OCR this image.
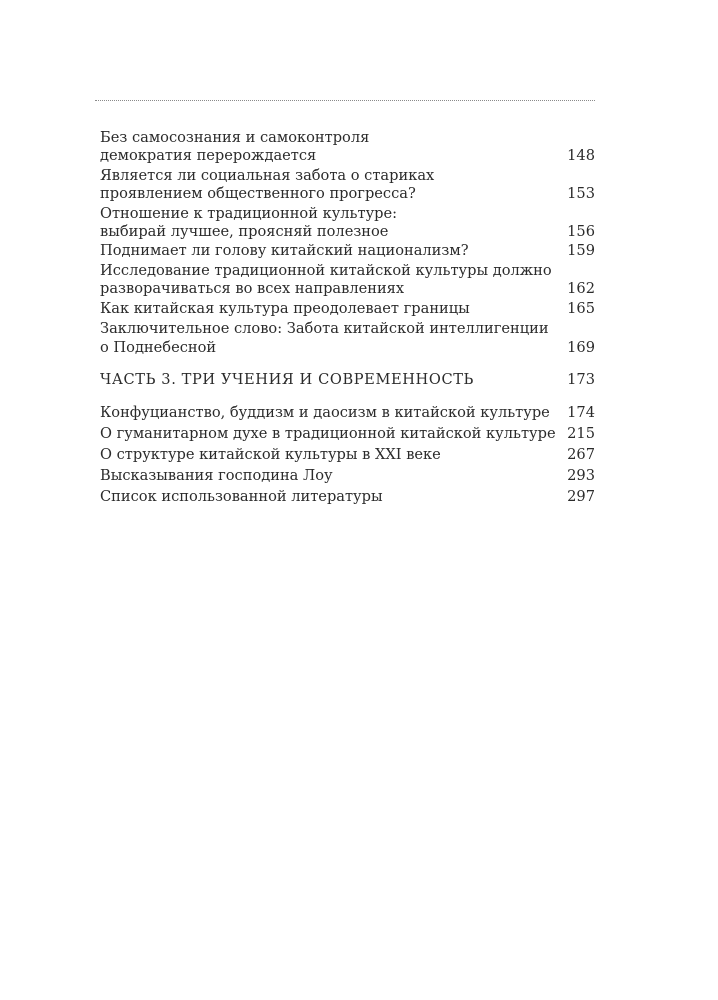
Без самосознания и самоконтроля
демократия перерождается	148
Является ли социальная забота о стариках
проявлением общественного прогресса?	153
Отношение к традиционной культуре:
выбирай лучшее, проясняй полезное	156
Поднимает ли голову китайский национализм?	159
Исследование традиционной китайской культуры должно
разворачиваться во всех направлениях	162
Как китайская культура преодолевает границы	165
Заключительное слово: Забота китайской интеллигенции
о Поднебесной	169
ЧАСТЬ 3. ТРИ УЧЕНИЯ И СОВРЕМЕННОСТЬ	173
Конфуцианство, буддизм и даосизм в китайской культуре 174
О гуманитарном духе в традиционной китайской культуре 215
О структуре китайской культуры в XXI веке	267
Высказывания господина Лоу	293
Список использованной литературы	297
